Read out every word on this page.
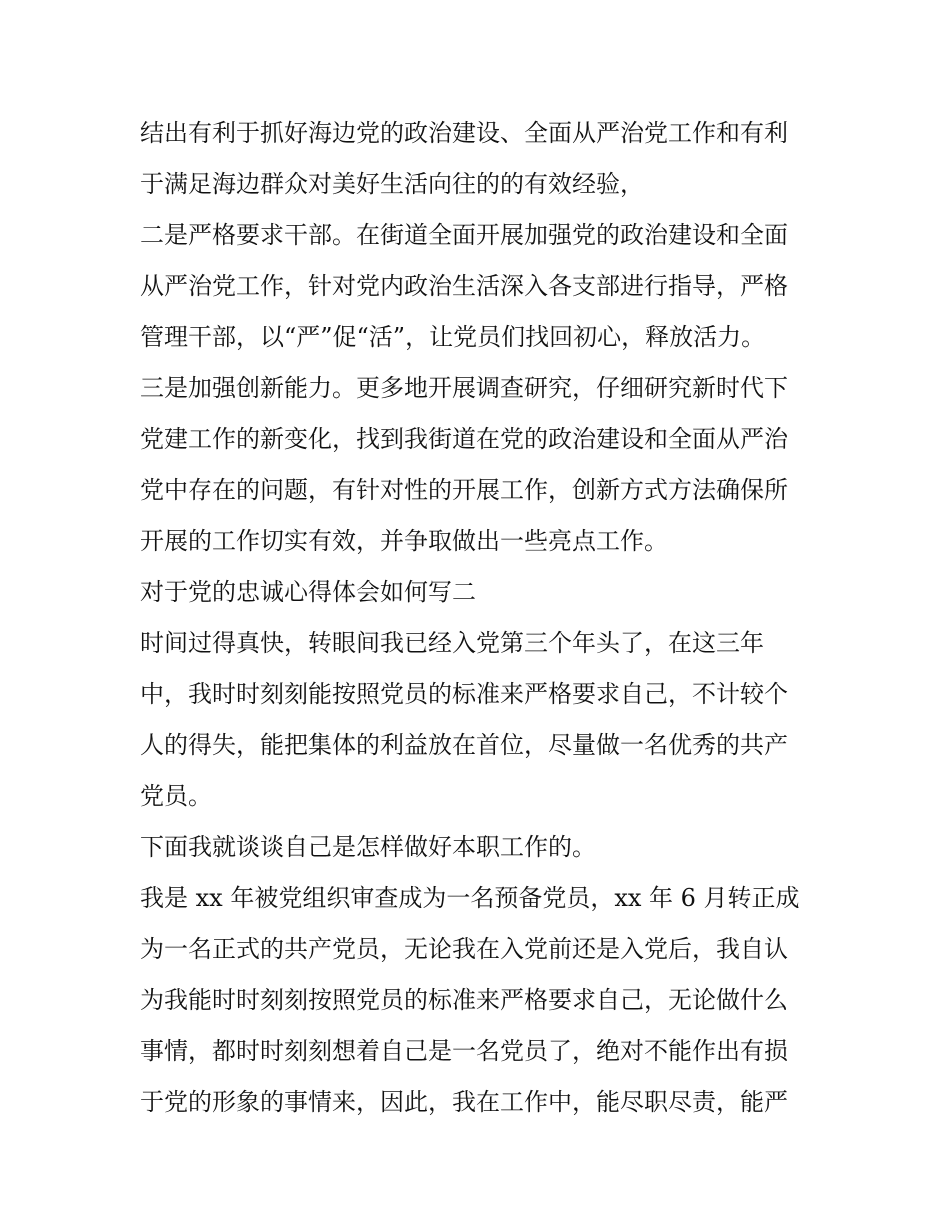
结出有利于抓好海边党的政治建设、全面从严治党工作和有利
于满足海边群众对美好生活向往的的有效经验，
二是严格要求干部。在街道全面开展加强党的政治建设和全面
从严治党工作，针对党内政治生活深入各支部进行指导，严格
管理干部，以“严”促“活”，让党员们找回初心，释放活力。
三是加强创新能力。更多地开展调查研究，仔细研究新时代下
党建工作的新变化，找到我街道在党的政治建设和全面从严治
党中存在的问题，有针对性的开展工作，创新方式方法确保所
开展的工作切实有效，并争取做出一些亮点工作。
对于党的忠诚心得体会如何写二
时间过得真快，转眼间我已经入党第三个年头了，在这三年
中，我时时刻刻能按照党员的标准来严格要求自己，不计较个
人的得失，能把集体的利益放在首位，尽量做一名优秀的共产
党员。
下面我就谈谈自己是怎样做好本职工作的。
我是 xx 年被党组织审查成为一名预备党员，xx 年 6 月转正成
为一名正式的共产党员，无论我在入党前还是入党后，我自认
为我能时时刻刻按照党员的标准来严格要求自己，无论做什么
事情，都时时刻刻想着自己是一名党员了，绝对不能作出有损
于党的形象的事情来，因此，我在工作中，能尽职尽责，能严
